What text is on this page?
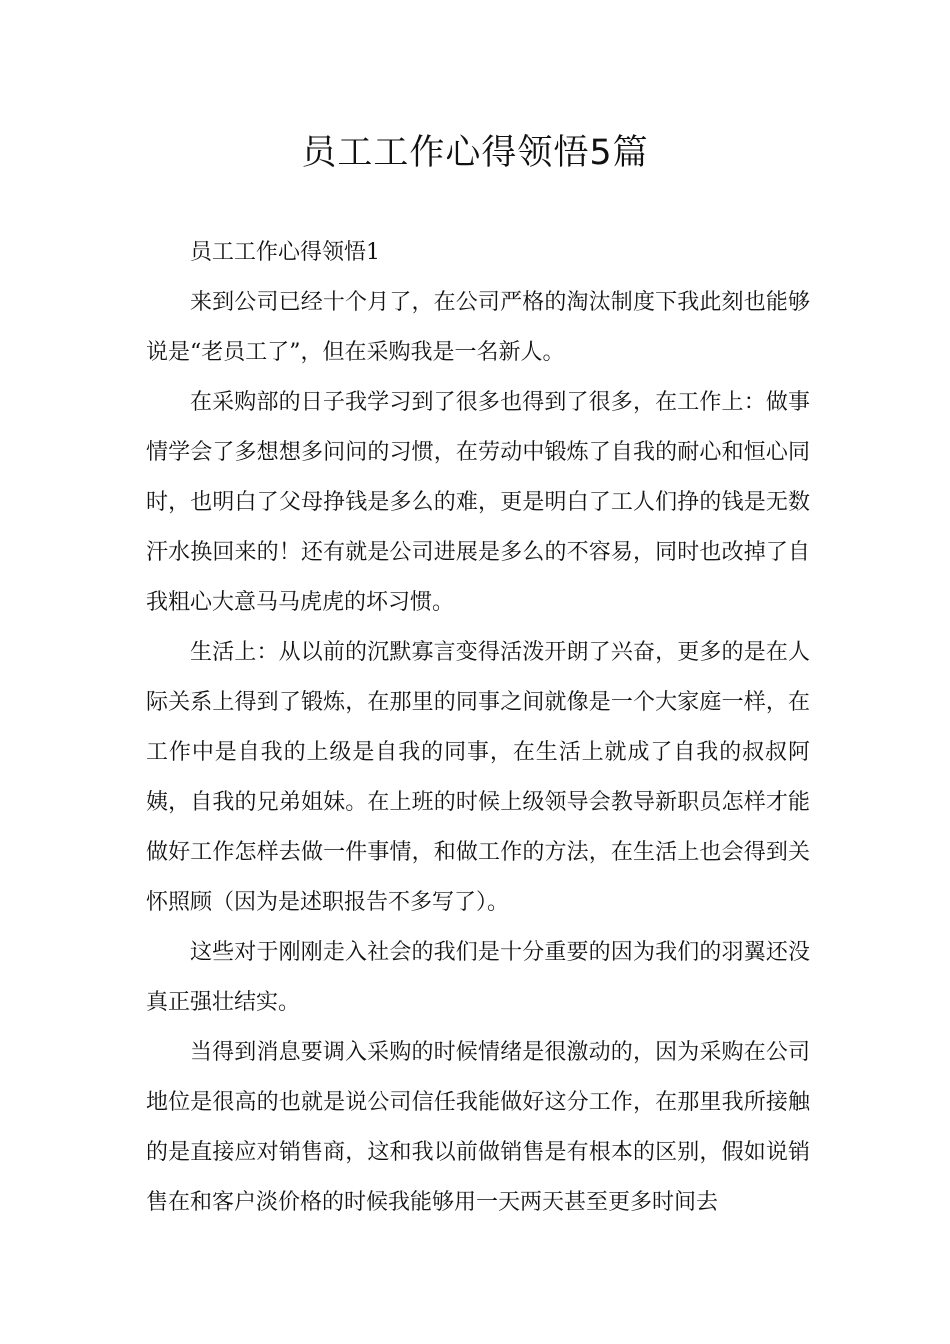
员工工作心得领悟5篇

员工工作心得领悟1

来到公司已经十个月了，在公司严格的淘汰制度下我此刻也能够说是“老员工了”，但在采购我是一名新人。

在采购部的日子我学习到了很多也得到了很多，在工作上：做事情学会了多想想多问问的习惯，在劳动中锻炼了自我的耐心和恒心同时，也明白了父母挣钱是多么的难，更是明白了工人们挣的钱是无数汗水换回来的！还有就是公司进展是多么的不容易，同时也改掉了自我粗心大意马马虎虎的坏习惯。

生活上：从以前的沉默寡言变得活泼开朗了兴奋，更多的是在人际关系上得到了锻炼，在那里的同事之间就像是一个大家庭一样，在工作中是自我的上级是自我的同事，在生活上就成了自我的叔叔阿姨，自我的兄弟姐妹。在上班的时候上级领导会教导新职员怎样才能做好工作怎样去做一件事情，和做工作的方法，在生活上也会得到关怀照顾（因为是述职报告不多写了）。

这些对于刚刚走入社会的我们是十分重要的因为我们的羽翼还没真正强壮结实。

当得到消息要调入采购的时候情绪是很激动的，因为采购在公司地位是很高的也就是说公司信任我能做好这分工作，在那里我所接触的是直接应对销售商，这和我以前做销售是有根本的区别，假如说销售在和客户淡价格的时候我能够用一天两天甚至更多时间去
